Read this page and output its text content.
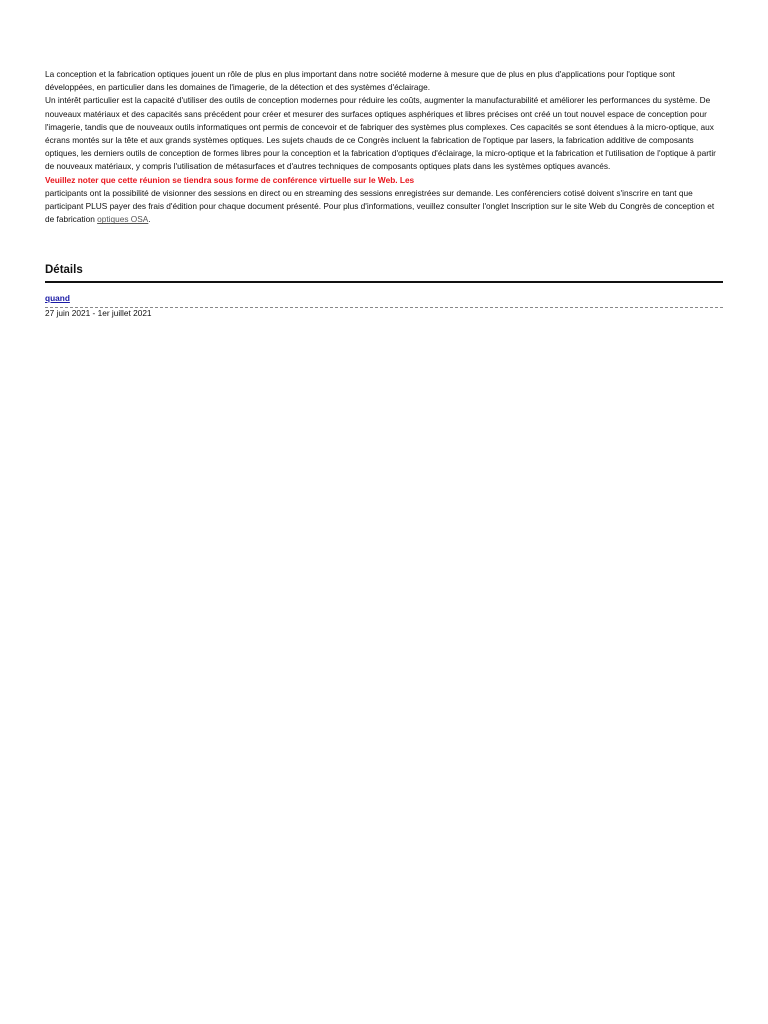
La conception et la fabrication optiques jouent un rôle de plus en plus important dans notre société moderne à mesure que de plus en plus d'applications pour l'optique sont développées, en particulier dans les domaines de l'imagerie, de la détection et des systèmes d'éclairage.

Un intérêt particulier est la capacité d'utiliser des outils de conception modernes pour réduire les coûts, augmenter la manufacturabilité et améliorer les performances du système. De nouveaux matériaux et des capacités sans précédent pour créer et mesurer des surfaces optiques asphériques et libres précises ont créé un tout nouvel espace de conception pour l'imagerie, tandis que de nouveaux outils informatiques ont permis de concevoir et de fabriquer des systèmes plus complexes. Ces capacités se sont étendues à la micro-optique, aux écrans montés sur la tête et aux grands systèmes optiques. Les sujets chauds de ce Congrès incluent la fabrication de l'optique par lasers, la fabrication additive de composants optiques, les derniers outils de conception de formes libres pour la conception et la fabrication d'optiques d'éclairage, la micro-optique et la fabrication et l'utilisation de l'optique à partir de nouveaux matériaux, y compris l'utilisation de métasurfaces et d'autres techniques de composants optiques plats dans les systèmes optiques avancés.

Veuillez noter que cette réunion se tiendra sous forme de conférence virtuelle sur le Web. Les

participants ont la possibilité de visionner des sessions en direct ou en streaming des sessions enregistrées sur demande. Les conférenciers cotisé doivent s'inscrire en tant que participant PLUS payer des frais d'édition pour chaque document présenté. Pour plus d'informations, veuillez consulter l'onglet Inscription sur le site Web du Congrès de conception et de fabrication optiques OSA.

Détails
quand

27 juin 2021 - 1er juillet 2021
